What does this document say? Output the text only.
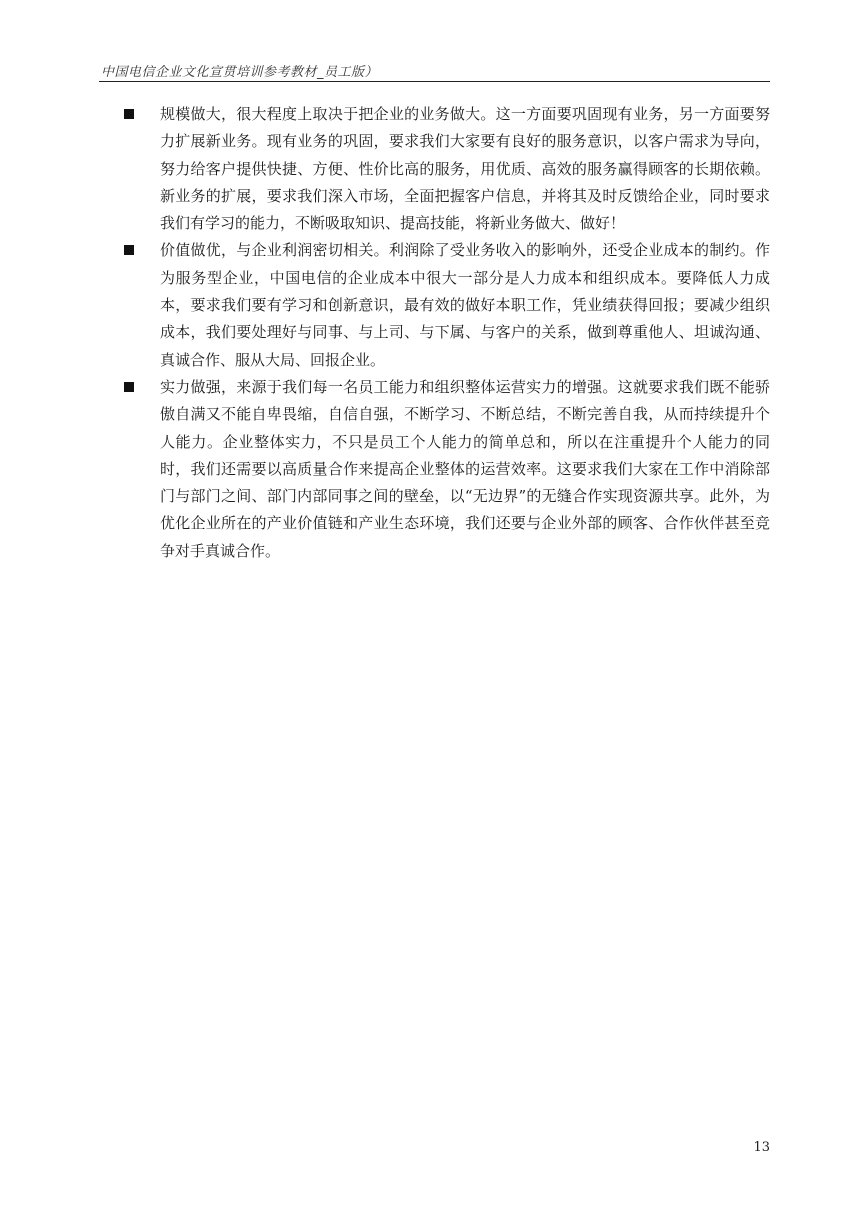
中国电信企业文化宣贯培训参考教材_员工版）

规模做大，很大程度上取决于把企业的业务做大。这一方面要巩固现有业务，另一方面要努力扩展新业务。现有业务的巩固，要求我们大家要有良好的服务意识，以客户需求为导向，努力给客户提供快捷、方便、性价比高的服务，用优质、高效的服务赢得顾客的长期依赖。新业务的扩展，要求我们深入市场，全面把握客户信息，并将其及时反馈给企业，同时要求我们有学习的能力，不断吸取知识、提高技能，将新业务做大、做好！

价值做优，与企业利润密切相关。利润除了受业务收入的影响外，还受企业成本的制约。作为服务型企业，中国电信的企业成本中很大一部分是人力成本和组织成本。要降低人力成本，要求我们要有学习和创新意识，最有效的做好本职工作，凭业绩获得回报；要减少组织成本，我们要处理好与同事、与上司、与下属、与客户的关系，做到尊重他人、坦诚沟通、真诚合作、服从大局、回报企业。

实力做强，来源于我们每一名员工能力和组织整体运营实力的增强。这就要求我们既不能骄傲自满又不能自卑畏缩，自信自强，不断学习、不断总结，不断完善自我，从而持续提升个人能力。企业整体实力，不只是员工个人能力的简单总和，所以在注重提升个人能力的同时，我们还需要以高质量合作来提高企业整体的运营效率。这要求我们大家在工作中消除部门与部门之间、部门内部同事之间的壁垒，以“无边界”的无缝合作实现资源共享。此外，为优化企业所在的产业价值链和产业生态环境，我们还要与企业外部的顾客、合作伙伴甚至竞争对手真诚合作。

13
